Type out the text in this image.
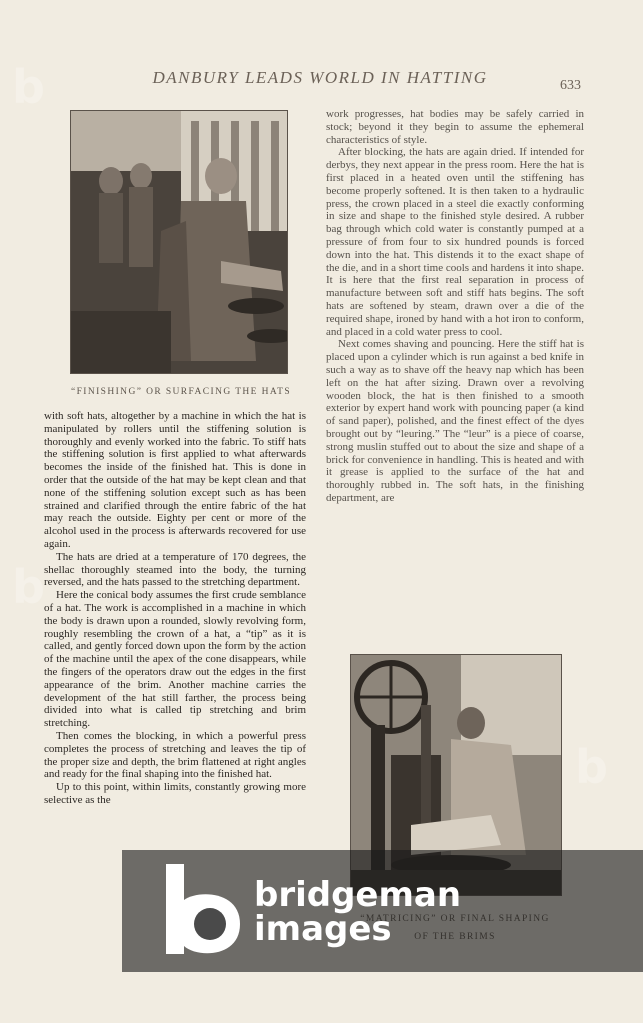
DANBURY LEADS WORLD IN HATTING	633
“FINISHING” OR SURFACING THE HATS

with soft hats, altogether by a machine in which the hat is manipulated by rollers until the stiffening solution is thoroughly and evenly worked into the fabric. To stiff hats the stiffening solution is first applied to what afterwards becomes the inside of the finished hat. This is done in order that the outside of the hat may be kept clean and that none of the stiffening solution except such as has been strained and clarified through the entire fabric of the hat may reach the outside. Eighty per cent or more of the alcohol used in the process is afterwards recovered for use again.

The hats are dried at a temperature of 170 degrees, the shellac thoroughly steamed into the body, the turning reversed, and the hats passed to the stretching department.

Here the conical body assumes the first crude semblance of a hat. The work is accomplished in a machine in which the body is drawn upon a rounded, slowly revolving form, roughly resembling the crown of a hat, a “tip” as it is called, and gently forced down upon the form by the action of the machine until the apex of the cone disappears, while the fingers of the operators draw out the edges in the first appearance of the brim. Another machine carries the development of the hat still farther, the process being divided into what is called tip stretching and brim stretching.

Then comes the blocking, in which a powerful press completes the process of stretching and leaves the tip of the proper size and depth, the brim flattened at right angles and ready for the final shaping into the finished hat.

Up to this point, within limits, constantly growing more selective as the

work progresses, hat bodies may be safely carried in stock; beyond it they begin to assume the ephemeral characteristics of style.

After blocking, the hats are again dried. If intended for derbys, they next appear in the press room. Here the hat is first placed in a heated oven until the stiffening has become properly softened. It is then taken to a hydraulic press, the crown placed in a steel die exactly conforming in size and shape to the finished style desired. A rubber bag through which cold water is constantly pumped at a pressure of from four to six hundred pounds is forced down into the hat. This distends it to the exact shape of the die, and in a short time cools and hardens it into shape. It is here that the first real separation in process of manufacture between soft and stiff hats begins. The soft hats are softened by steam, drawn over a die of the required shape, ironed by hand with a hot iron to conform, and placed in a cold water press to cool.

Next comes shaving and pouncing. Here the stiff hat is placed upon a cylinder which is run against a bed knife in such a way as to shave off the heavy nap which has been left on the hat after sizing. Drawn over a revolving wooden block, the hat is then finished to a smooth exterior by expert hand work with pouncing paper (a kind of sand paper), polished, and the finest effect of the dyes brought out by “leuring.” The “leur” is a piece of coarse, strong muslin stuffed out to about the size and shape of a brick for convenience in handling. This is heated and with it grease is applied to the surface of the hat and thoroughly rubbed in. The soft hats, in the finishing department, are

b
b
b
bridgeman
images
